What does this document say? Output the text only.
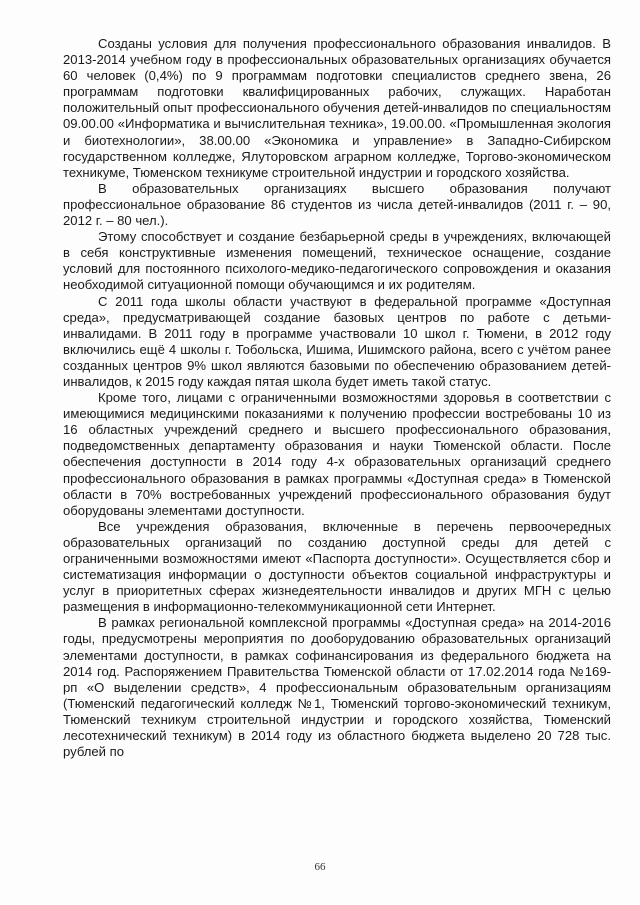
Созданы условия для получения профессионального образования инвалидов. В 2013-2014 учебном году в профессиональных образовательных организациях обучается 60 человек (0,4%) по 9 программам подготовки специалистов среднего звена, 26 программам подготовки квалифицированных рабочих, служащих. Наработан положительный опыт профессионального обучения детей-инвалидов по специальностям 09.00.00 «Информатика и вычислительная техника», 19.00.00. «Промышленная экология и биотехнологии», 38.00.00 «Экономика и управление» в Западно-Сибирском государственном колледже, Ялуторовском аграрном колледже, Торгово-экономическом техникуме, Тюменском техникуме строительной индустрии и городского хозяйства.

В образовательных организациях высшего образования получают профессиональное образование 86 студентов из числа детей-инвалидов (2011 г. – 90, 2012 г. – 80 чел.).

Этому способствует и создание безбарьерной среды в учреждениях, включающей в себя конструктивные изменения помещений, техническое оснащение, создание условий для постоянного психолого-медико-педагогического сопровождения и оказания необходимой ситуационной помощи обучающимся и их родителям.

С 2011 года школы области участвуют в федеральной программе «Доступная среда», предусматривающей создание базовых центров по работе с детьми-инвалидами. В 2011 году в программе участвовали 10 школ г. Тюмени, в 2012 году включились ещё 4 школы г. Тобольска, Ишима, Ишимского района, всего с учётом ранее созданных центров 9% школ являются базовыми по обеспечению образованием детей-инвалидов, к 2015 году каждая пятая школа будет иметь такой статус.

Кроме того, лицами с ограниченными возможностями здоровья в соответствии с имеющимися медицинскими показаниями к получению профессии востребованы 10 из 16 областных учреждений среднего и высшего профессионального образования, подведомственных департаменту образования и науки Тюменской области. После обеспечения доступности в 2014 году 4-х образовательных организаций среднего профессионального образования в рамках программы «Доступная среда» в Тюменской области в 70% востребованных учреждений профессионального образования будут оборудованы элементами доступности.

Все учреждения образования, включенные в перечень первоочередных образовательных организаций по созданию доступной среды для детей с ограниченными возможностями имеют «Паспорта доступности». Осуществляется сбор и систематизация информации о доступности объектов социальной инфраструктуры и услуг в приоритетных сферах жизнедеятельности инвалидов и других МГН с целью размещения в информационно-телекоммуникационной сети Интернет.

В рамках региональной комплексной программы «Доступная среда» на 2014-2016 годы, предусмотрены мероприятия по дооборудованию образовательных организаций элементами доступности, в рамках софинансирования из федерального бюджета на 2014 год. Распоряжением Правительства Тюменской области от 17.02.2014 года №169-рп «О выделении средств», 4 профессиональным образовательным организациям (Тюменский педагогический колледж №1, Тюменский торгово-экономический техникум, Тюменский техникум строительной индустрии и городского хозяйства, Тюменский лесотехнический техникум) в 2014 году из областного бюджета выделено 20 728 тыс. рублей по

66
